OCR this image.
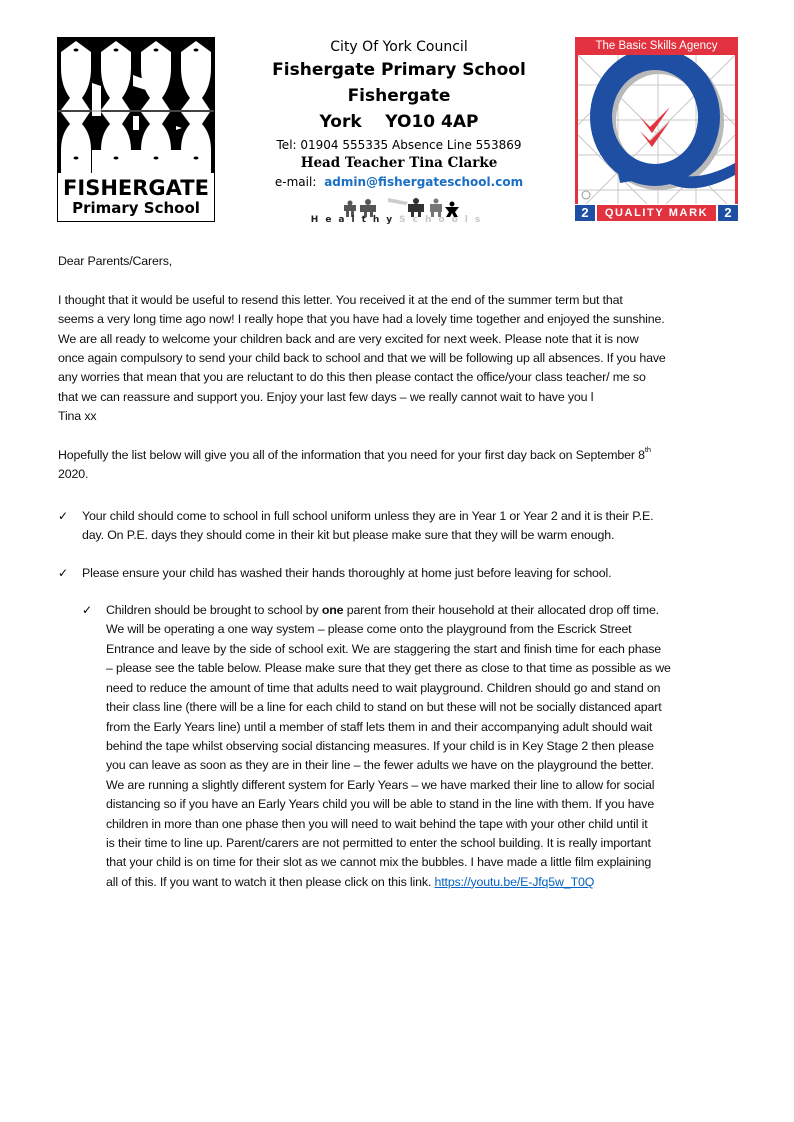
FISHERGATE
Primary School
City Of York Council
Fishergate Primary School
Fishergate
York    YO10 4AP
Tel: 01904 555335 Absence Line 553869
Head Teacher Tina Clarke
e-mail: admin@fishergateschool.com
HealthySchools
The Basic Skills Agency
2	QUALITY MARK	2

Dear Parents/Carers,

I thought that it would be useful to resend this letter. You received it at the end of the summer term but that

seems a very long time ago now! I really hope that you have had a lovely time together and enjoyed the sunshine.

We are all ready to welcome your children back and are very excited for next week. Please note that it is now

once again compulsory to send your child back to school and that we will be following up all absences. If you have

any worries that mean that you are reluctant to do this then please contact the office/your class teacher/ me so

that we can reassure and support you. Enjoy your last few days – we really cannot wait to have you l

Tina xx

Hopefully the list below will give you all of the information that you need for your first day back on September 8th

2020.

✓ Your child should come to school in full school uniform unless they are in Year 1 or Year 2 and it is their P.E.
day. On P.E. days they should come in their kit but please make sure that they will be warm enough.
✓ Please ensure your child has washed their hands thoroughly at home just before leaving for school.
✓ Children should be brought to school by one parent from their household at their allocated drop off time.
We will be operating a one way system – please come onto the playground from the Escrick Street
Entrance and leave by the side of school exit. We are staggering the start and finish time for each phase
– please see the table below. Please make sure that they get there as close to that time as possible as we
need to reduce the amount of time that adults need to wait playground. Children should go and stand on
their class line (there will be a line for each child to stand on but these will not be socially distanced apart
from the Early Years line) until a member of staff lets them in and their accompanying adult should wait
behind the tape whilst observing social distancing measures. If your child is in Key Stage 2 then please
you can leave as soon as they are in their line – the fewer adults we have on the playground the better.
We are running a slightly different system for Early Years – we have marked their line to allow for social
distancing so if you have an Early Years child you will be able to stand in the line with them. If you have
children in more than one phase then you will need to wait behind the tape with your other child until it
is their time to line up. Parent/carers are not permitted to enter the school building. It is really important
that your child is on time for their slot as we cannot mix the bubbles. I have made a little film explaining
all of this. If you want to watch it then please click on this link. https://youtu.be/E-Jfq5w_T0Q
